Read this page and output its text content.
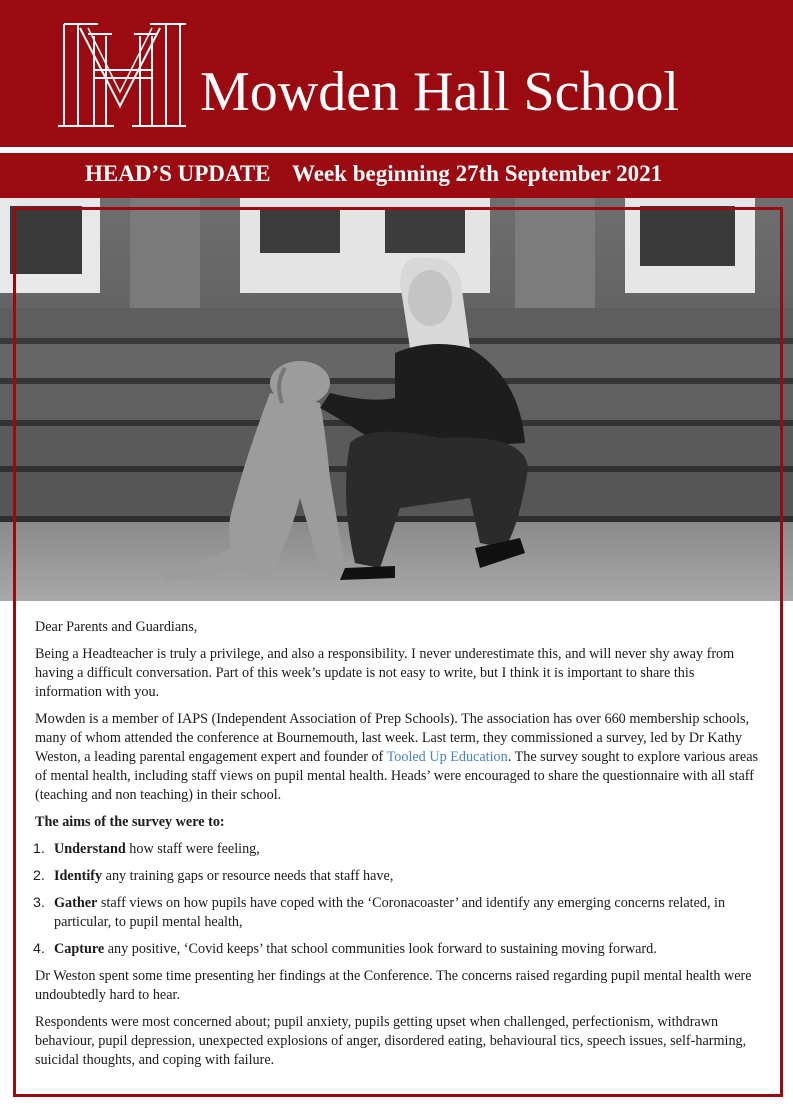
Mowden Hall School
HEAD’S UPDATE Week beginning 27th September 2021

Dear Parents and Guardians,

Being a Headteacher is truly a privilege, and also a responsibility. I never underestimate this, and will never shy away from having a difficult conversation. Part of this week’s update is not easy to write, but I think it is important to share this information with you.

Mowden is a member of IAPS (Independent Association of Prep Schools). The association has over 660 membership schools, many of whom attended the conference at Bournemouth, last week. Last term, they commissioned a survey, led by Dr Kathy Weston, a leading parental engagement expert and founder of Tooled Up Education. The survey sought to explore various areas of mental health, including staff views on pupil mental health. Heads’ were encouraged to share the questionnaire with all staff (teaching and non teaching) in their school.

The aims of the survey were to:

1. Understand how staff were feeling,
2. Identify any training gaps or resource needs that staff have,
3. Gather staff views on how pupils have coped with the ‘Coronacoaster’ and identify any emerging concerns related, in particular, to pupil mental health,
4. Capture any positive, ‘Covid keeps’ that school communities look forward to sustaining moving forward.

Dr Weston spent some time presenting her findings at the Conference. The concerns raised regarding pupil mental health were undoubtedly hard to hear.

Respondents were most concerned about; pupil anxiety, pupils getting upset when challenged, perfectionism, withdrawn behaviour, pupil depression, unexpected explosions of anger, disordered eating, behavioural tics, speech issues, self-harming, suicidal thoughts, and coping with failure.
